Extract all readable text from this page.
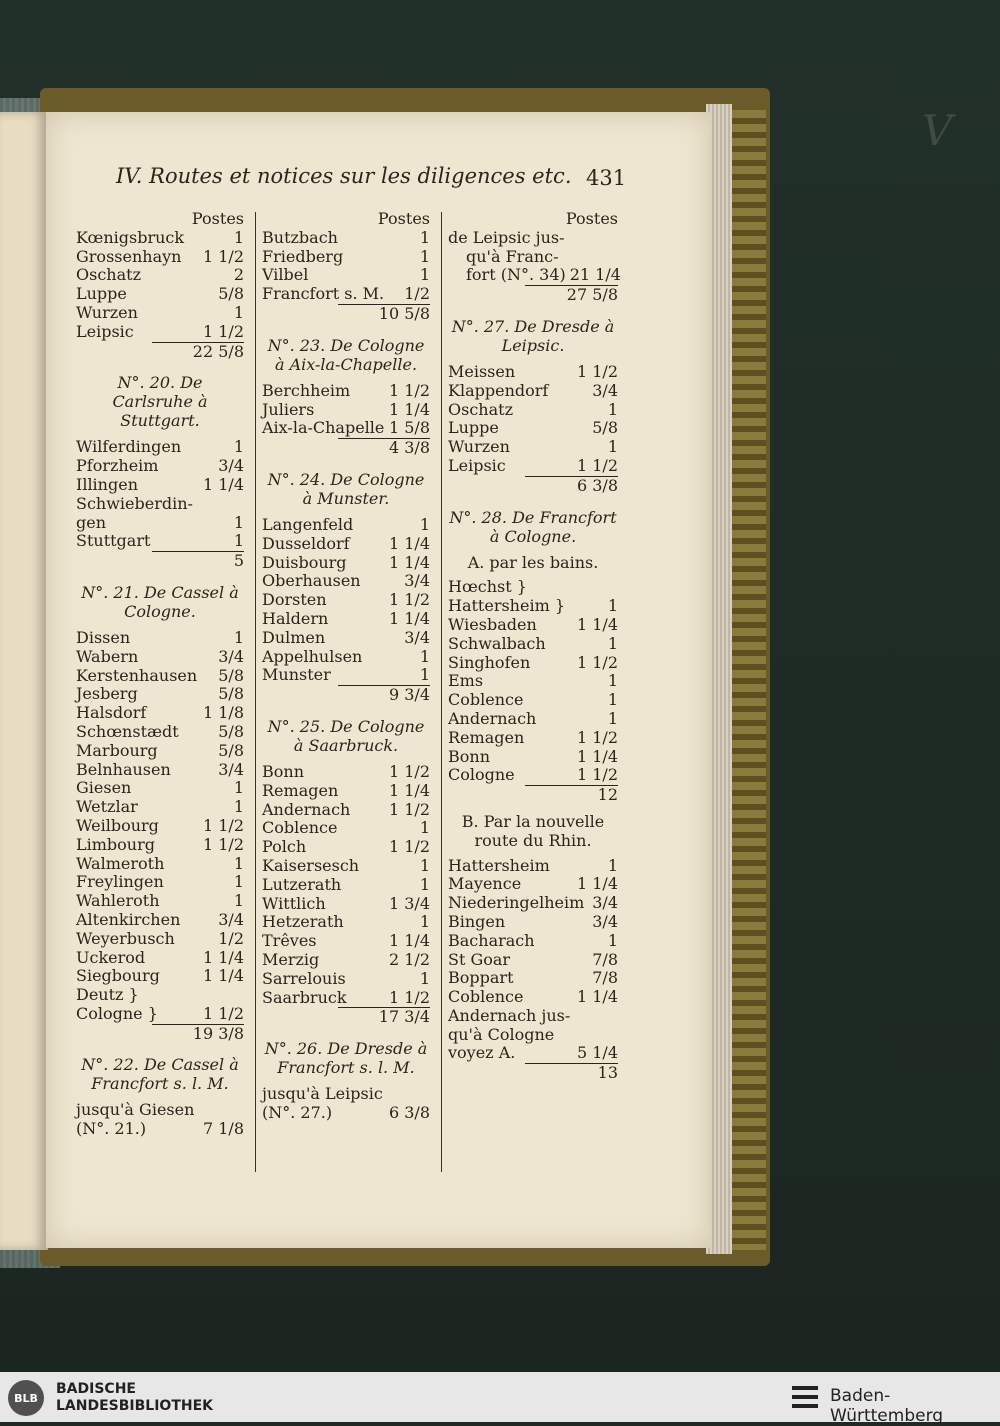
V
IV. Routes et notices sur les diligences etc. 431
Postes
Kœnigsbruck	1
Grossenhayn 1 1/2
Oschatz	2
Luppe	5/8
Wurzen	1
Leipsic	1 1/2
22 5/8
N°. 20. De Carlsruhe à Stuttgart.
Wilferdingen	1
Pforzheim	3/4
Illingen	1 1/4
Schwieberdin-
gen	1
Stuttgart	1
5
N°. 21. De Cassel à Cologne.
Dissen	1
Wabern	3/4
Kerstenhausen 5/8
Jesberg	5/8
Halsdorf	1 1/8
Schœnstædt 5/8
Marbourg	5/8
Belnhausen	3/4
Giesen	1
Wetzlar	1
Weilbourg	1 1/2
Limbourg	1 1/2
Walmeroth	1
Freylingen	1
Wahleroth	1
Altenkirchen 3/4
Weyerbusch	1/2
Uckerod	1 1/4
Siegbourg	1 1/4
Deutz }
Cologne }	1 1/2
19 3/8
N°. 22. De Cassel à Francfort s. l. M.
jusqu'à Giesen
(N°. 21.)	7 1/8
Postes
Butzbach	1
Friedberg	1
Vilbel	1
Francfort s. M. 1/2
10 5/8
N°. 23. De Cologne à Aix-la-Chapelle.
Berchheim 1 1/2
Juliers	1 1/4
Aix-la-Chapelle 1 5/8
4 3/8
N°. 24. De Cologne à Munster.
Langenfeld	1
Dusseldorf 1 1/4
Duisbourg	1 1/4
Oberhausen	3/4
Dorsten	1 1/2
Haldern	1 1/4
Dulmen	3/4
Appelhulsen	1
Munster	1
9 3/4
N°. 25. De Cologne à Saarbruck.
Bonn	1 1/2
Remagen	1 1/4
Andernach 1 1/2
Coblence	1
Polch	1 1/2
Kaisersesch	1
Lutzerath	1
Wittlich	1 3/4
Hetzerath	1
Trêves	1 1/4
Merzig	2 1/2
Sarrelouis	1
Saarbruck	1 1/2
17 3/4
N°. 26. De Dresde à Francfort s. l. M.
jusqu'à Leipsic
(N°. 27.)	6 3/8
Postes
de Leipsic jus-
qu'à Franc-
fort (N°. 34) 21 1/4
27 5/8
N°. 27. De Dresde à Leipsic.
Meissen	1 1/2
Klappendorf	3/4
Oschatz	1
Luppe	5/8
Wurzen	1
Leipsic	1 1/2
6 3/8
N°. 28. De Francfort à Cologne.
A. par les bains.
Hœchst }
Hattersheim }	1
Wiesbaden	1 1/4
Schwalbach	1
Singhofen	1 1/2
Ems	1
Coblence	1
Andernach	1
Remagen	1 1/2
Bonn	1 1/4
Cologne	1 1/2
12
B. Par la nouvelle route du Rhin.
Hattersheim	1
Mayence	1 1/4
Niederingelheim 3/4
Bingen	3/4
Bacharach	1
St Goar	7/8
Boppart	7/8
Coblence	1 1/4
Andernach jus-
qu'à Cologne
voyez A.	5 1/4
13
BLB
BADISCHE
LANDESBIBLIOTHEK	Baden-Württemberg
